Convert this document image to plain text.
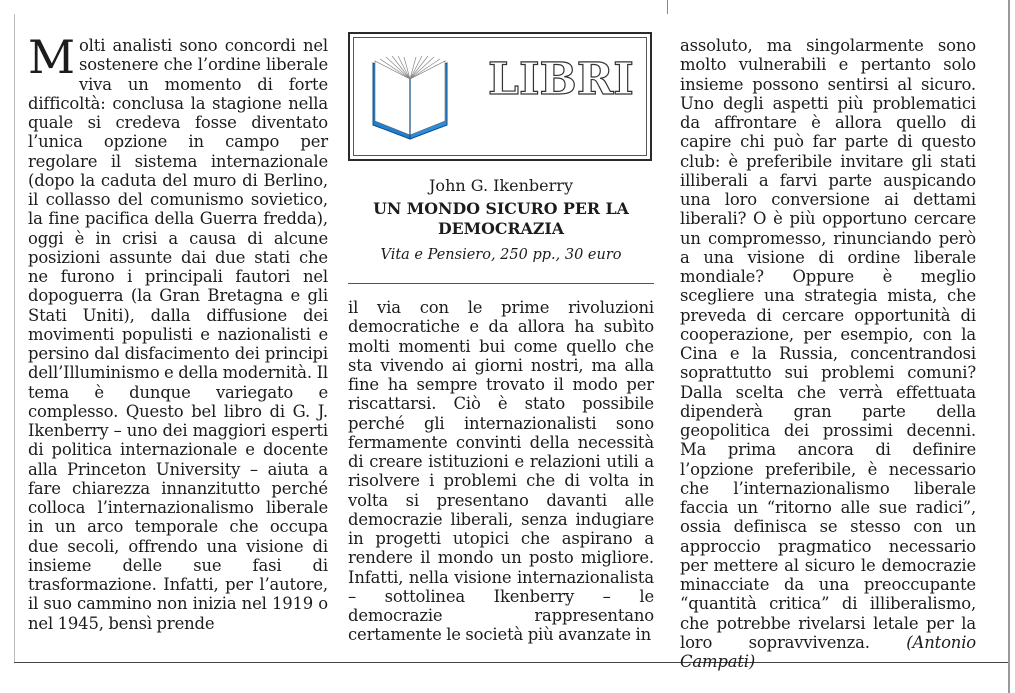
Molti analisti sono concordi nel sostenere che l’ordine liberale viva un momento di forte difficoltà: conclusa la stagione nella quale si credeva fosse diventato l’unica opzione in campo per regolare il sistema internazionale (dopo la caduta del muro di Berlino, il collasso del comunismo sovietico, la fine pacifica della Guerra fredda), oggi è in crisi a causa di alcune posizioni assunte dai due stati che ne furono i principali fautori nel dopoguerra (la Gran Bretagna e gli Stati Uniti), dalla diffusione dei movimenti populisti e nazionalisti e persino dal disfacimento dei principi dell’Illuminismo e della modernità. Il tema è dunque variegato e complesso. Questo bel libro di G. J. Ikenberry – uno dei maggiori esperti di politica internazionale e docente alla Princeton University – aiuta a fare chiarezza innanzitutto perché colloca l’internazionalismo liberale in un arco temporale che occupa due secoli, offrendo una visione di insieme delle sue fasi di trasformazione. Infatti, per l’autore, il suo cammino non inizia nel 1919 o nel 1945, bensì prende
LIBRI
John G. Ikenberry
UN MONDO SICURO PER LA DEMOCRAZIA
Vita e Pensiero, 250 pp., 30 euro
il via con le prime rivoluzioni democratiche e da allora ha subìto molti momenti bui come quello che sta vivendo ai giorni nostri, ma alla fine ha sempre trovato il modo per riscattarsi. Ciò è stato possibile perché gli internazionalisti sono fermamente convinti della necessità di creare istituzioni e relazioni utili a risolvere i problemi che di volta in volta si presentano davanti alle democrazie liberali, senza indugiare in progetti utopici che aspirano a rendere il mondo un posto migliore. Infatti, nella visione internazionalista – sottolinea Ikenberry – le democrazie rappresentano certamente le società più avanzate in
assoluto, ma singolarmente sono molto vulnerabili e pertanto solo insieme possono sentirsi al sicuro. Uno degli aspetti più problematici da affrontare è allora quello di capire chi può far parte di questo club: è preferibile invitare gli stati illiberali a farvi parte auspicando una loro conversione ai dettami liberali? O è più opportuno cercare un compromesso, rinunciando però a una visione di ordine liberale mondiale? Oppure è meglio scegliere una strategia mista, che preveda di cercare opportunità di cooperazione, per esempio, con la Cina e la Russia, concentrandosi soprattutto sui problemi comuni? Dalla scelta che verrà effettuata dipenderà gran parte della geopolitica dei prossimi decenni. Ma prima ancora di definire l’opzione preferibile, è necessario che l’internazionalismo liberale faccia un “ritorno alle sue radici”, ossia definisca se stesso con un approccio pragmatico necessario per mettere al sicuro le democrazie minacciate da una preoccupante “quantità critica” di illiberalismo, che potrebbe rivelarsi letale per la loro sopravvivenza. (Antonio Campati)
